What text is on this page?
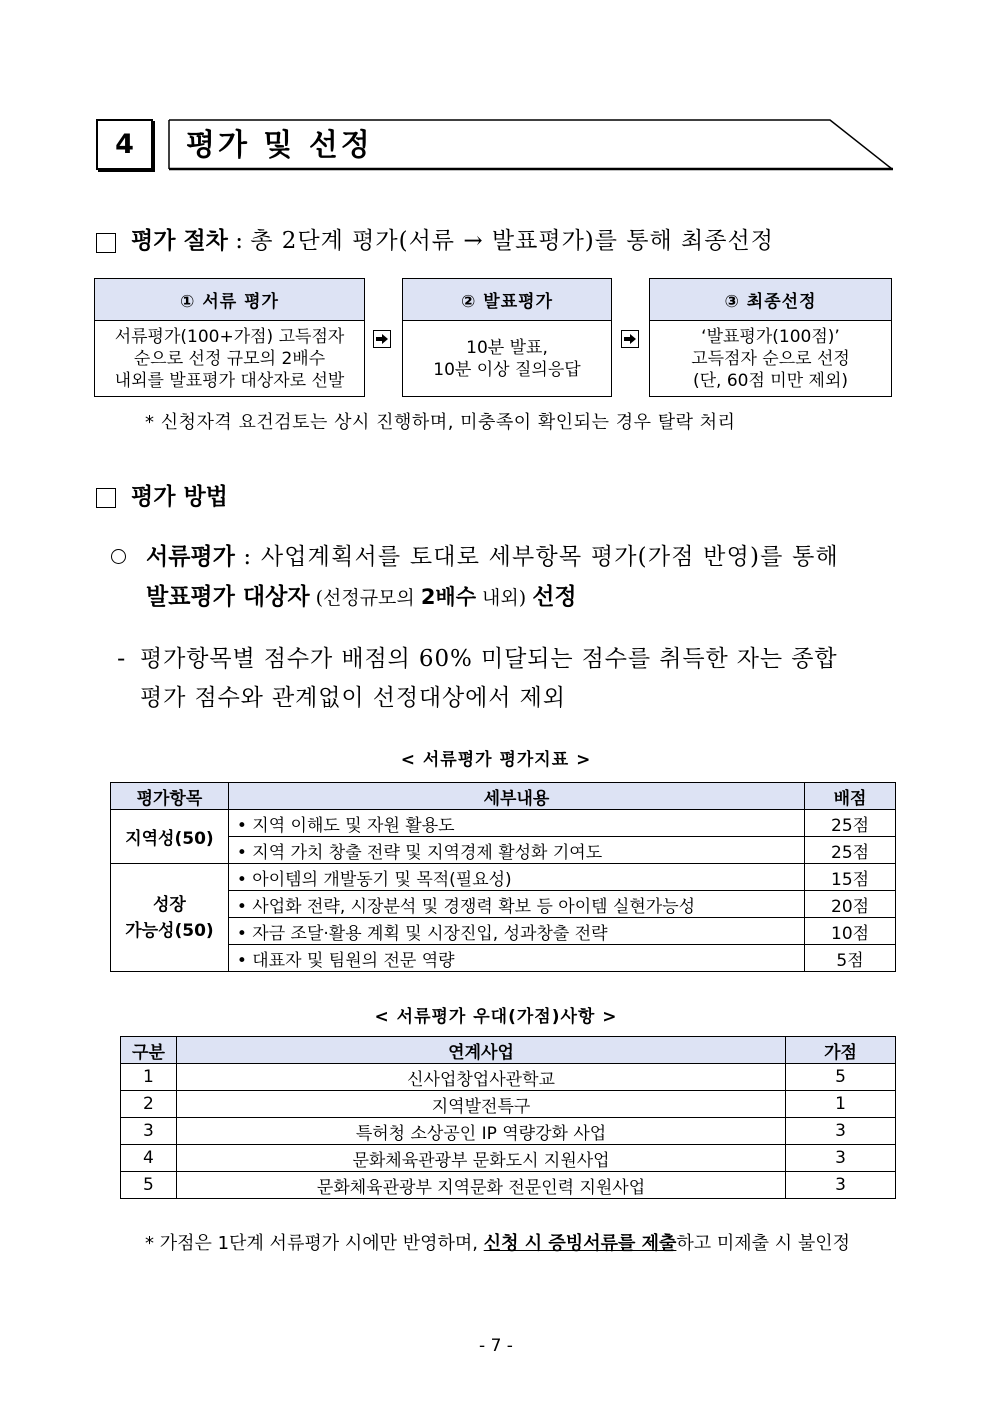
4	평가 및 선정
평가 절차 : 총 2단계 평가(서류 → 발표평가)를 통해 최종선정
① 서류 평가
서류평가(100+가점) 고득점자
순으로 선정 규모의 2배수
내외를 발표평가 대상자로 선발
② 발표평가
10분 발표,
10분 이상 질의응답
③ 최종선정
‘발표평가(100점)’
고득점자 순으로 선정
(단, 60점 미만 제외)
* 신청자격 요건검토는 상시 진행하며, 미충족이 확인되는 경우 탈락 처리
평가 방법
서류평가 : 사업계획서를 토대로 세부항목 평가(가점 반영)를 통해
발표평가 대상자 (선정규모의 2배수 내외) 선정
- 평가항목별 점수가 배점의 60% 미달되는 점수를 취득한 자는 종합
평가 점수와 관계없이 선정대상에서 제외
< 서류평가 평가지표 >
평가항목	세부내용	배점
지역성(50)	• 지역 이해도 및 자원 활용도	25점
	• 지역 가치 창출 전략 및 지역경제 활성화 기여도	25점

성장
가능성(50)	• 아이템의 개발동기 및 목적(필요성)	15점
	• 사업화 전략, 시장분석 및 경쟁력 확보 등 아이템 실현가능성	20점
	• 자금 조달·활용 계획 및 시장진입, 성과창출 전략	10점
	• 대표자 및 팀원의 전문 역량	5점
< 서류평가 우대(가점)사항 >
구분	연계사업	가점
1	신사업창업사관학교	5
2	지역발전특구	1
3	특허청 소상공인 IP 역량강화 사업	3
4	문화체육관광부 문화도시 지원사업	3
5	문화체육관광부 지역문화 전문인력 지원사업	3
* 가점은 1단계 서류평가 시에만 반영하며, 신청 시 증빙서류를 제출하고 미제출 시 불인정
- 7 -
